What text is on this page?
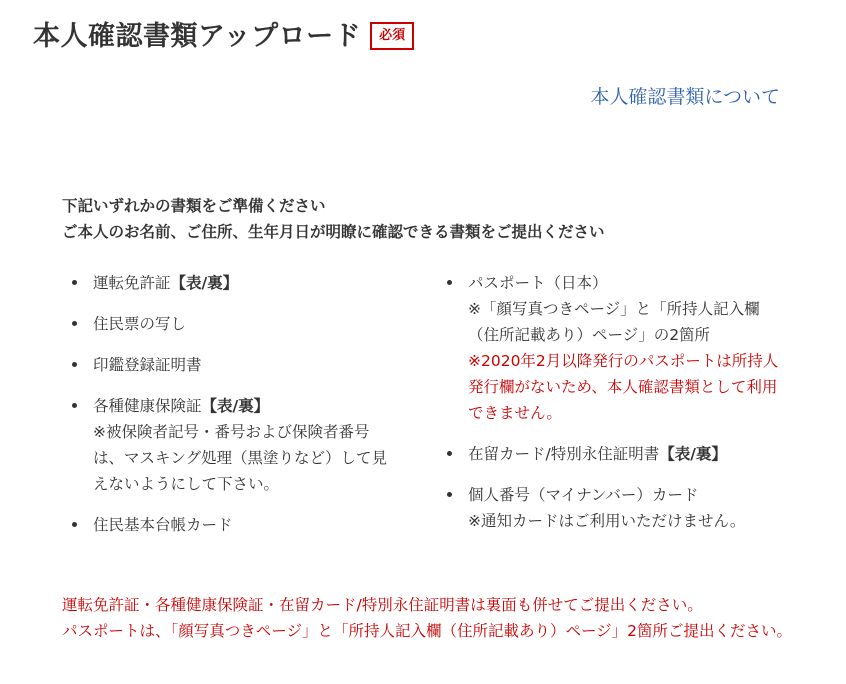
本人確認書類アップロード	必須
本人確認書類について
下記いずれかの書類をご準備ください
ご本人のお名前、ご住所、生年月日が明瞭に確認できる書類をご提出ください
運転免許証【表/裏】
住民票の写し
印鑑登録証明書
各種健康保険証【表/裏】
※被保険者記号・番号および保険者番号は、マスキング処理（黒塗りなど）して見えないようにして下さい。
住民基本台帳カード
パスポート（日本）
※「顔写真つきページ」と「所持人記入欄（住所記載あり）ページ」の2箇所
※2020年2月以降発行のパスポートは所持人発行欄がないため、本人確認書類として利用できません。
在留カード/特別永住証明書【表/裏】
個人番号（マイナンバー）カード
※通知カードはご利用いただけません。
運転免許証・各種健康保険証・在留カード/特別永住証明書は裏面も併せてご提出ください。
パスポートは、「顔写真つきページ」と「所持人記入欄（住所記載あり）ページ」2箇所ご提出ください。
